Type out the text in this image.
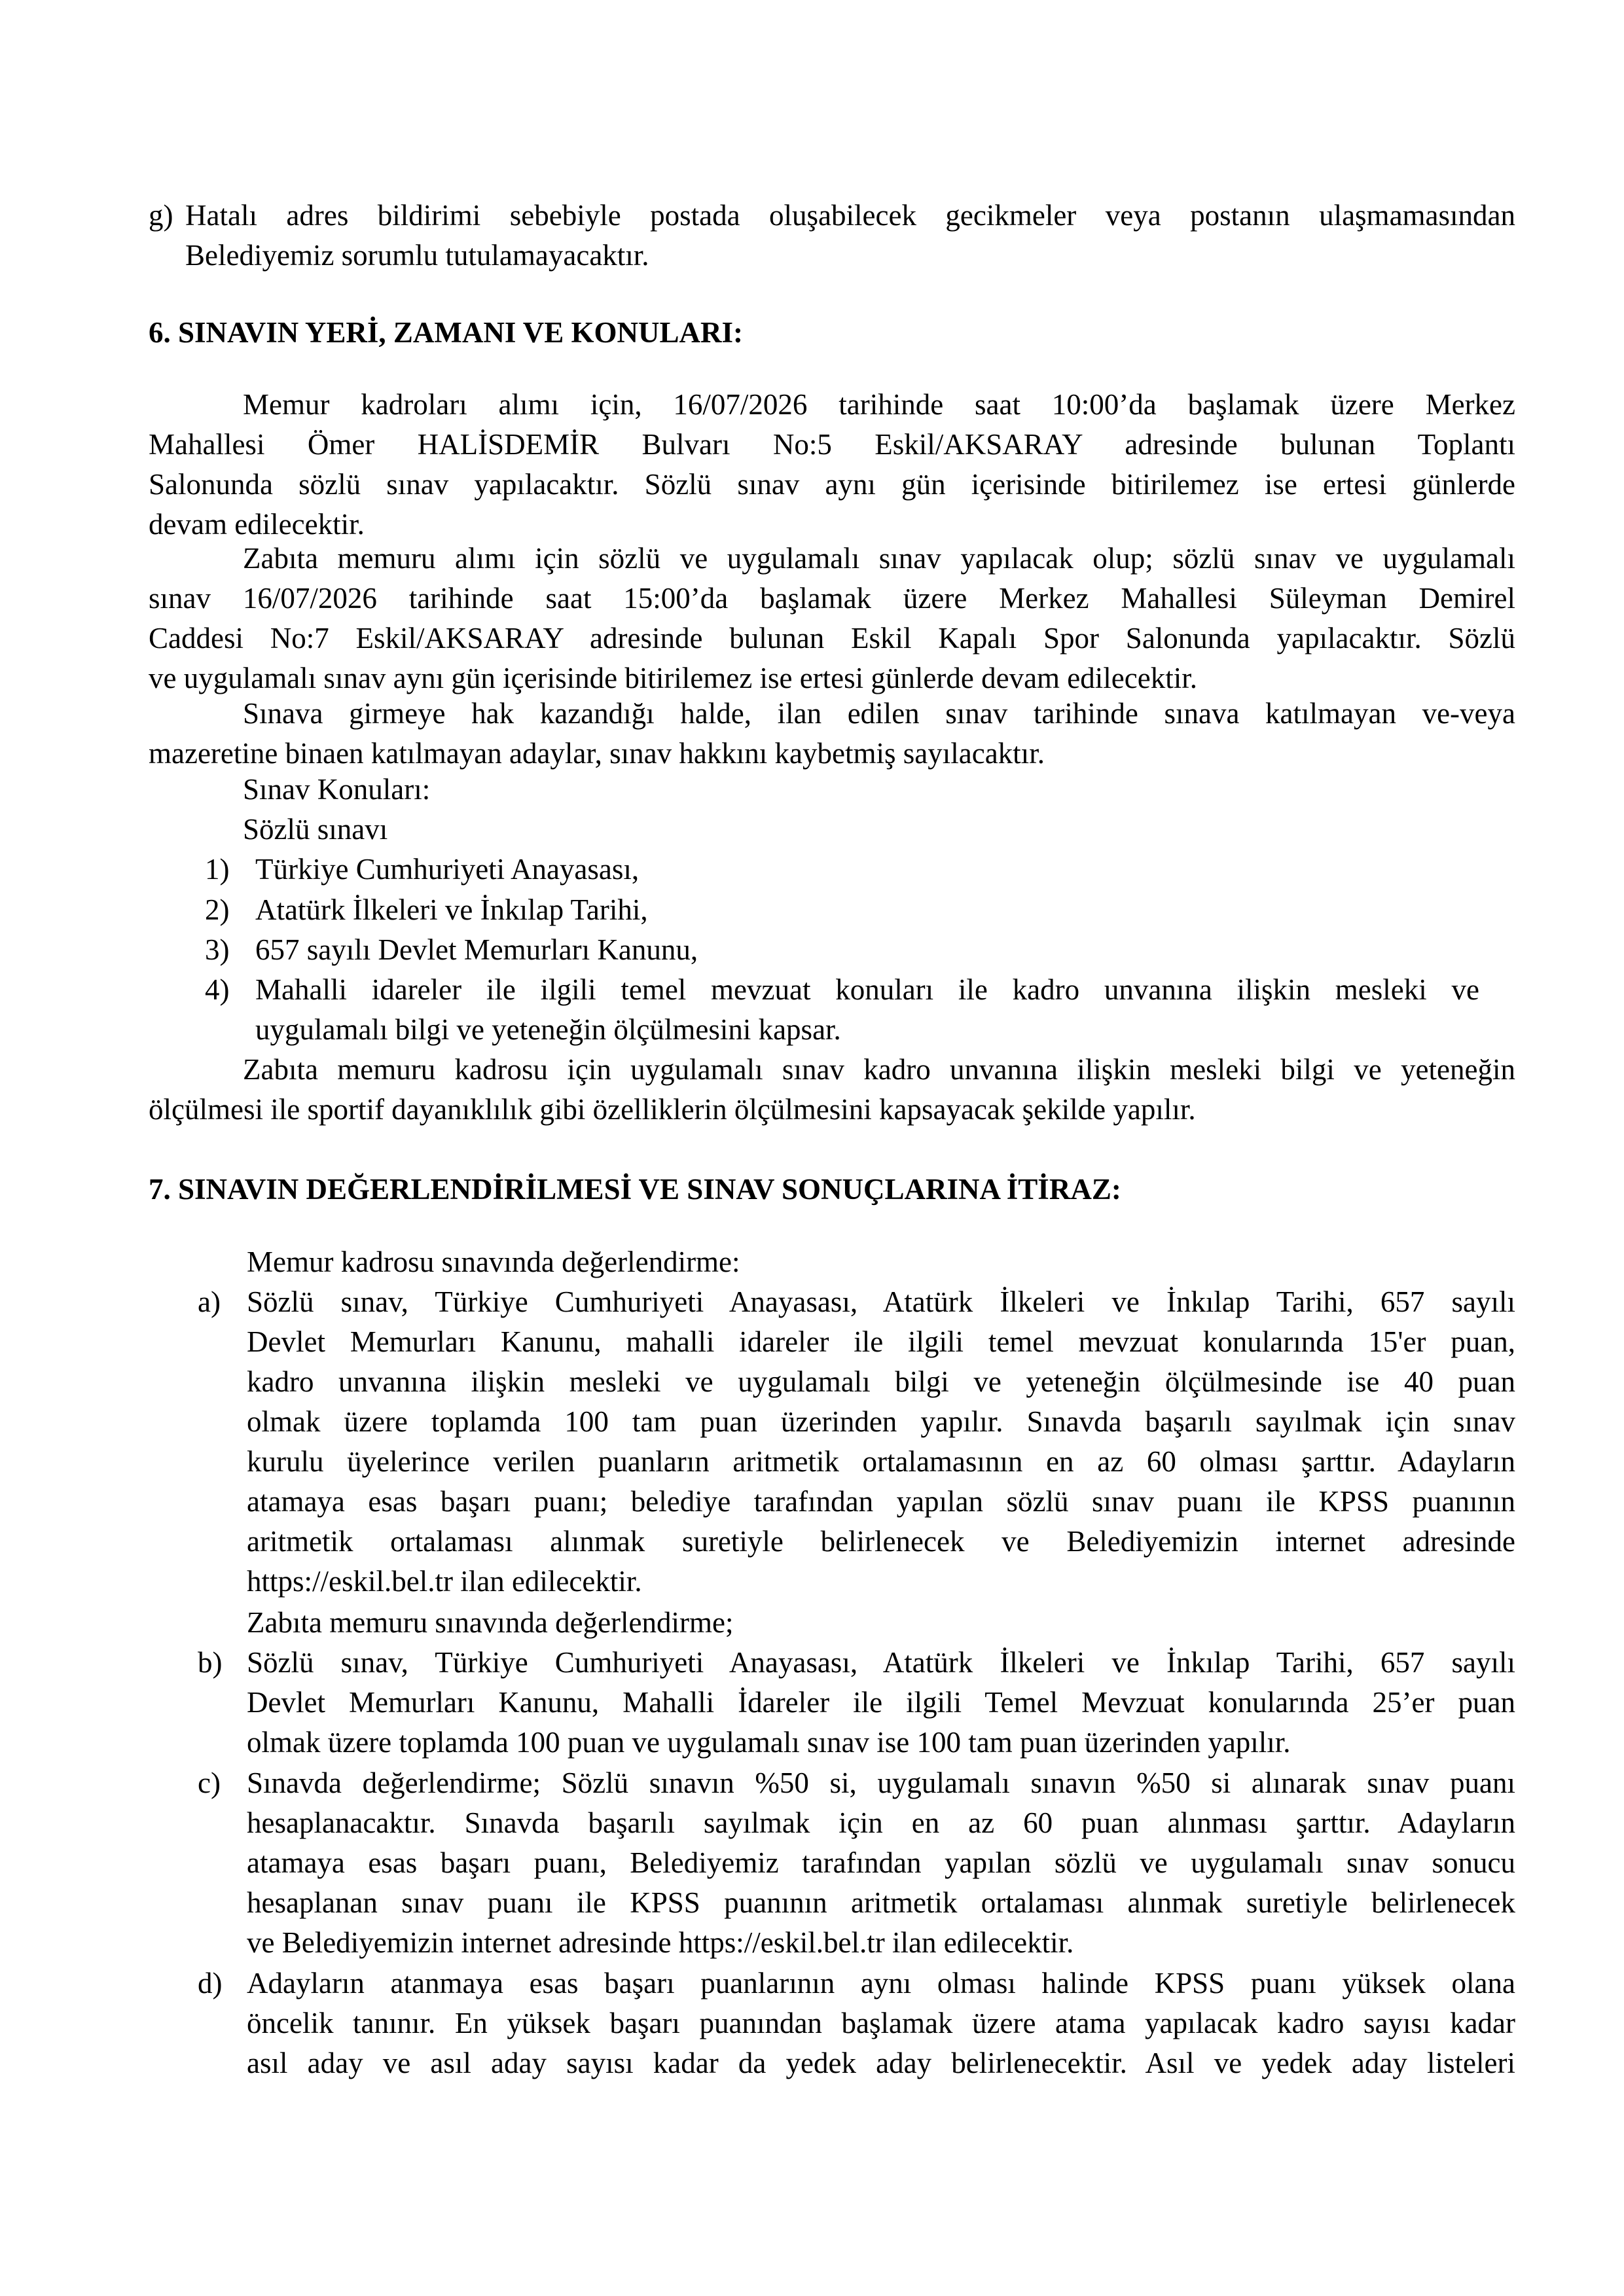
g) Hatalı adres bildirimi sebebiyle postada oluşabilecek gecikmeler veya postanın ulaşmamasından
Belediyemiz sorumlu tutulamayacaktır.
6. SINAVIN YERİ, ZAMANI VE KONULARI:
Memur kadroları alımı için, 16/07/2026 tarihinde saat 10:00’da başlamak üzere Merkez
Mahallesi Ömer HALİSDEMİR Bulvarı No:5 Eskil/AKSARAY adresinde bulunan Toplantı
Salonunda sözlü sınav yapılacaktır. Sözlü sınav aynı gün içerisinde bitirilemez ise ertesi günlerde
devam edilecektir.
Zabıta memuru alımı için sözlü ve uygulamalı sınav yapılacak olup; sözlü sınav ve uygulamalı
sınav 16/07/2026 tarihinde saat 15:00’da başlamak üzere Merkez Mahallesi Süleyman Demirel
Caddesi No:7 Eskil/AKSARAY adresinde bulunan Eskil Kapalı Spor Salonunda yapılacaktır. Sözlü
ve uygulamalı sınav aynı gün içerisinde bitirilemez ise ertesi günlerde devam edilecektir.
Sınava girmeye hak kazandığı halde, ilan edilen sınav tarihinde sınava katılmayan ve-veya
mazeretine binaen katılmayan adaylar, sınav hakkını kaybetmiş sayılacaktır.
Sınav Konuları:
Sözlü sınavı
1) Türkiye Cumhuriyeti Anayasası,
2) Atatürk İlkeleri ve İnkılap Tarihi,
3) 657 sayılı Devlet Memurları Kanunu,
4) Mahalli idareler ile ilgili temel mevzuat konuları ile kadro unvanına ilişkin mesleki ve
uygulamalı bilgi ve yeteneğin ölçülmesini kapsar.
Zabıta memuru kadrosu için uygulamalı sınav kadro unvanına ilişkin mesleki bilgi ve yeteneğin
ölçülmesi ile sportif dayanıklılık gibi özelliklerin ölçülmesini kapsayacak şekilde yapılır.
7. SINAVIN DEĞERLENDİRİLMESİ VE SINAV SONUÇLARINA İTİRAZ:
Memur kadrosu sınavında değerlendirme:
a) Sözlü sınav, Türkiye Cumhuriyeti Anayasası, Atatürk İlkeleri ve İnkılap Tarihi, 657 sayılı
Devlet Memurları Kanunu, mahalli idareler ile ilgili temel mevzuat konularında 15'er puan,
kadro unvanına ilişkin mesleki ve uygulamalı bilgi ve yeteneğin ölçülmesinde ise 40 puan
olmak üzere toplamda 100 tam puan üzerinden yapılır. Sınavda başarılı sayılmak için sınav
kurulu üyelerince verilen puanların aritmetik ortalamasının en az 60 olması şarttır. Adayların
atamaya esas başarı puanı; belediye tarafından yapılan sözlü sınav puanı ile KPSS puanının
aritmetik ortalaması alınmak suretiyle belirlenecek ve Belediyemizin internet adresinde
https://eskil.bel.tr ilan edilecektir.
Zabıta memuru sınavında değerlendirme;
b) Sözlü sınav, Türkiye Cumhuriyeti Anayasası, Atatürk İlkeleri ve İnkılap Tarihi, 657 sayılı
Devlet Memurları Kanunu, Mahalli İdareler ile ilgili Temel Mevzuat konularında 25’er puan
olmak üzere toplamda 100 puan ve uygulamalı sınav ise 100 tam puan üzerinden yapılır.
c) Sınavda değerlendirme; Sözlü sınavın %50 si, uygulamalı sınavın %50 si alınarak sınav puanı
hesaplanacaktır. Sınavda başarılı sayılmak için en az 60 puan alınması şarttır. Adayların
atamaya esas başarı puanı, Belediyemiz tarafından yapılan sözlü ve uygulamalı sınav sonucu
hesaplanan sınav puanı ile KPSS puanının aritmetik ortalaması alınmak suretiyle belirlenecek
ve Belediyemizin internet adresinde https://eskil.bel.tr ilan edilecektir.
d) Adayların atanmaya esas başarı puanlarının aynı olması halinde KPSS puanı yüksek olana
öncelik tanınır. En yüksek başarı puanından başlamak üzere atama yapılacak kadro sayısı kadar
asıl aday ve asıl aday sayısı kadar da yedek aday belirlenecektir. Asıl ve yedek aday listeleri
